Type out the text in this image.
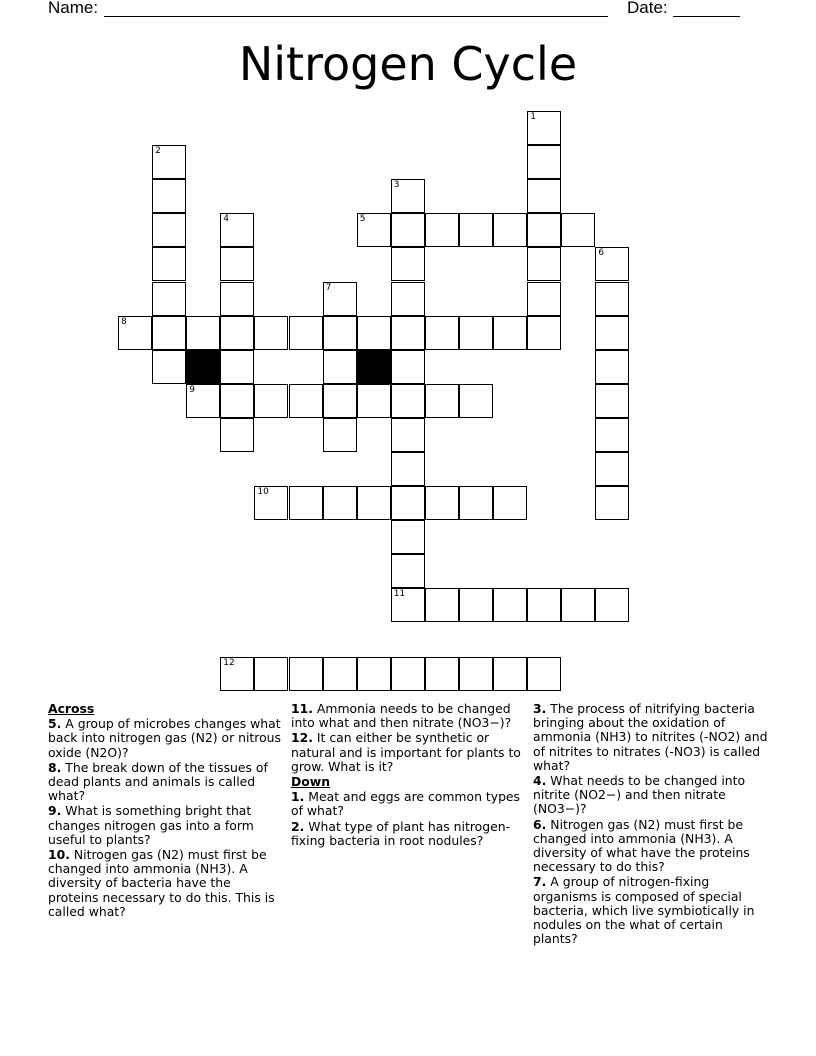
Name:	Date:
Nitrogen Cycle
5
8
9
10
11
12
1
2
3
4
6
7
Across
5. A group of microbes changes what back into nitrogen gas (N2) or nitrous oxide (N2O)?
8. The break down of the tissues of dead plants and animals is called what?
9. What is something bright that changes nitrogen gas into a form useful to plants?
10. Nitrogen gas (N2) must first be changed into ammonia (NH3). A diversity of bacteria have the proteins necessary to do this. This is called what?
11. Ammonia needs to be changed into what and then nitrate (NO3−)?
12. It can either be synthetic or natural and is important for plants to grow. What is it?
Down
1. Meat and eggs are common types of what?
2. What type of plant has nitrogen-fixing bacteria in root nodules?
3. The process of nitrifying bacteria bringing about the oxidation of ammonia (NH3) to nitrites (-NO2) and of nitrites to nitrates (-NO3) is called what?
4. What needs to be changed into nitrite (NO2−) and then nitrate (NO3−)?
6. Nitrogen gas (N2) must first be changed into ammonia (NH3). A diversity of what have the proteins necessary to do this?
7. A group of nitrogen-fixing organisms is composed of special bacteria, which live symbiotically in nodules on the what of certain plants?
